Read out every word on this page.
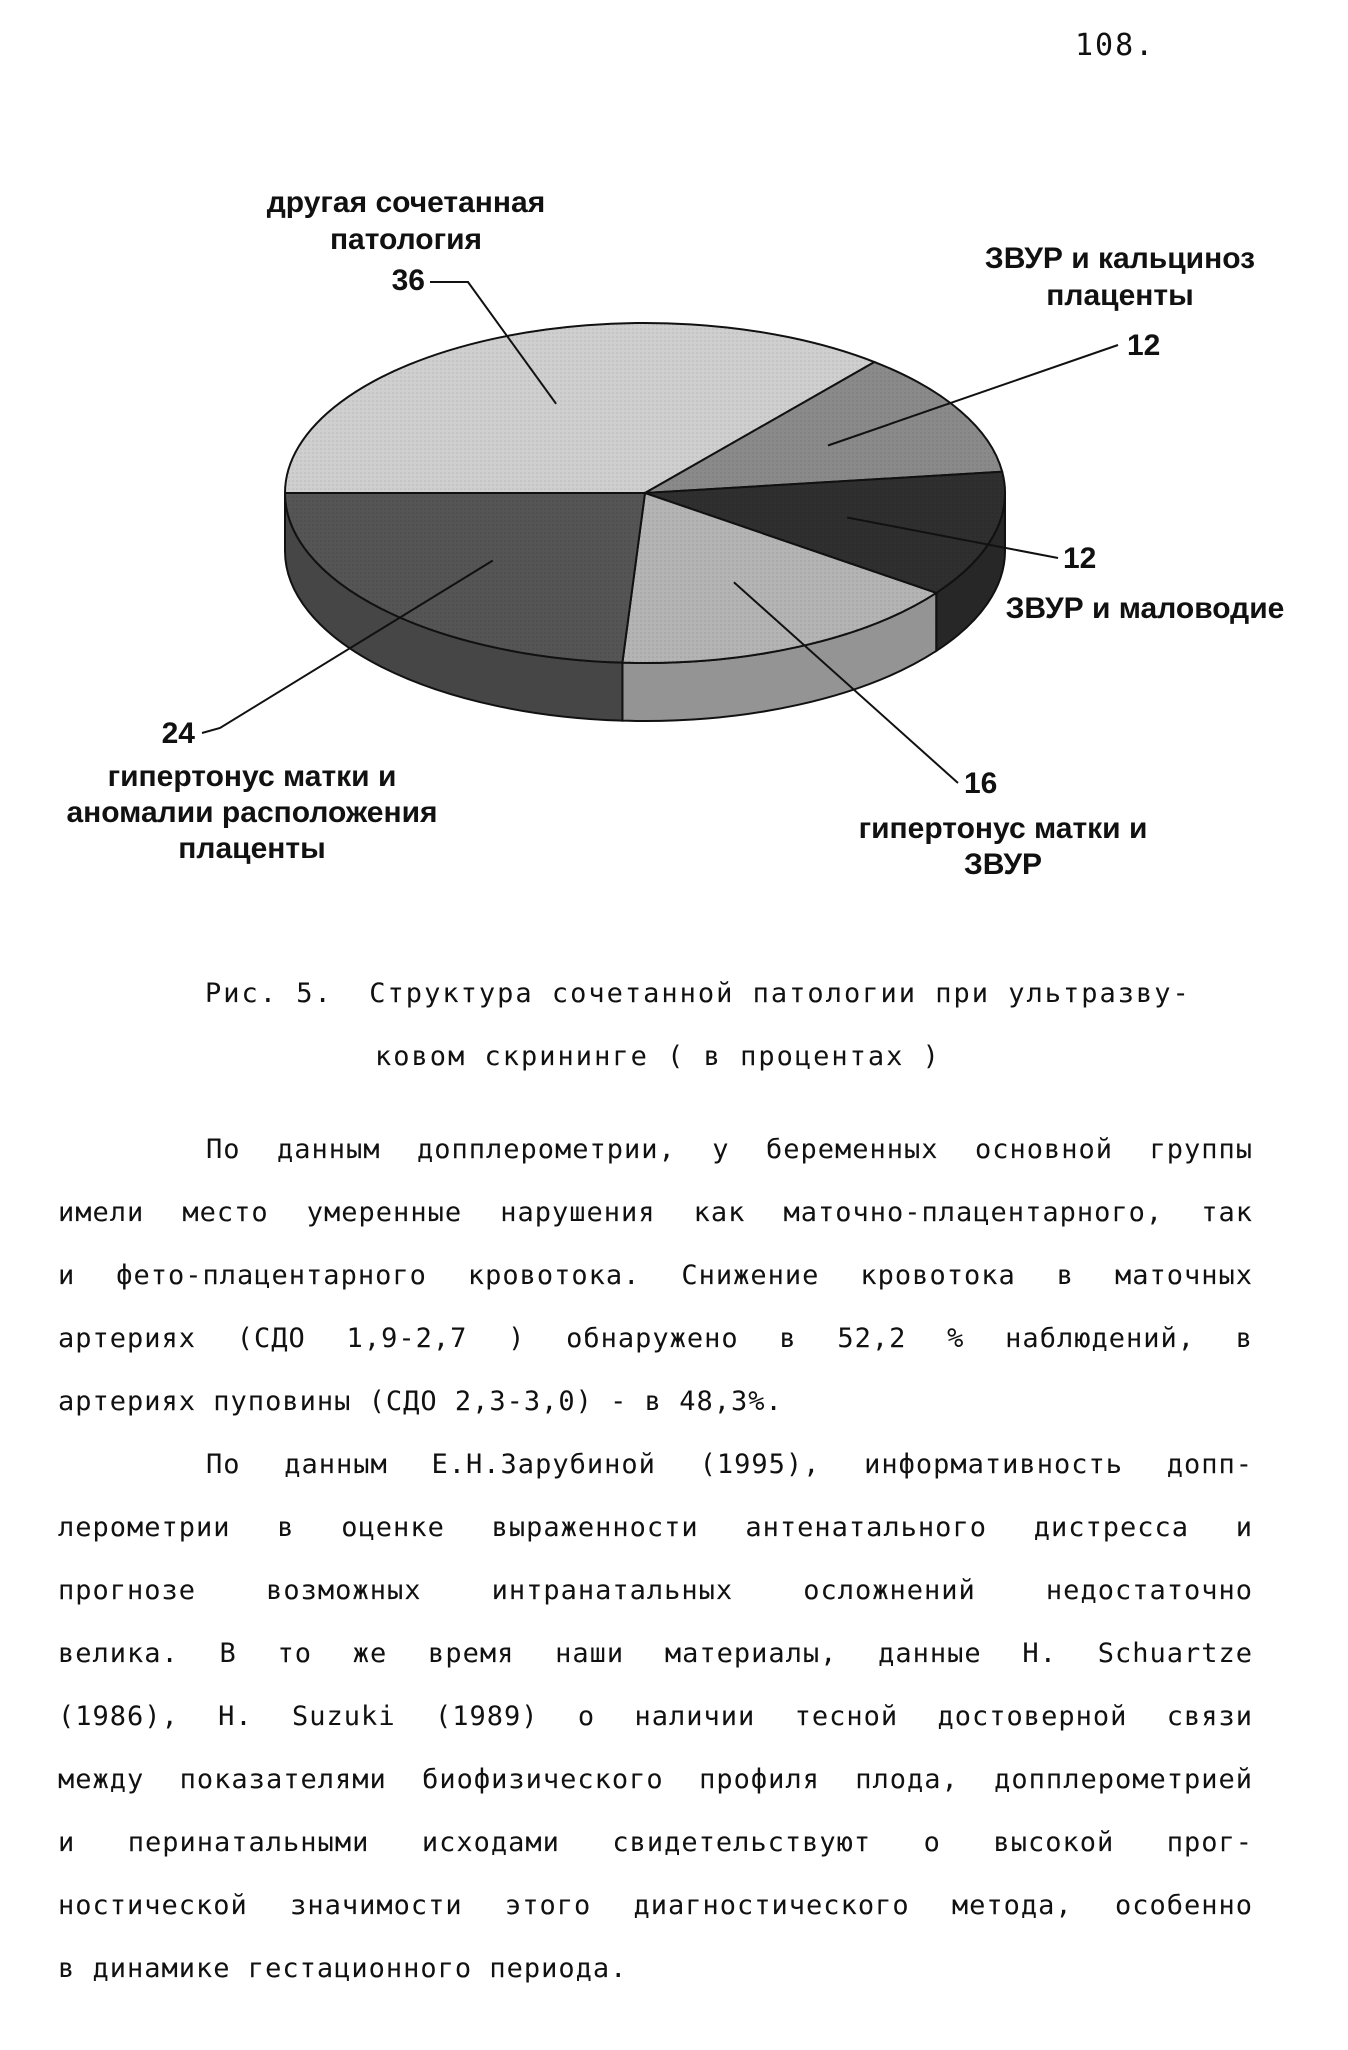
108.
36
другая сочетанная
патология
12
ЗВУР и кальциноз
плаценты
12
ЗВУР и маловодие
16
гипертонус матки и
ЗВУР
24
гипертонус матки и
аномалии расположения
плаценты
Рис. 5.  Структура сочетанной патологии при ультразву-
ковом скрининге ( в процентах )
По данным допплерометрии, у беременных основной группы
имели место умеренные нарушения как маточно-плацентарного, так
и фето-плацентарного кровотока. Снижение кровотока в маточных
артериях (СДО 1,9-2,7 ) обнаружено в 52,2 % наблюдений, в
артериях пуповины (СДО 2,3-3,0) - в 48,3%.
По данным Е.Н.Зарубиной (1995), информативность допп-
лерометрии в оценке выраженности антенатального дистресса и
прогнозе возможных интранатальных осложнений недостаточно
велика. В то же время наши материалы, данные H. Schuartze
(1986), H. Suzuki (1989) о наличии тесной достоверной связи
между показателями биофизического профиля плода, допплерометрией
и перинатальными исходами свидетельствуют о высокой прог-
ностической значимости этого диагностического метода, особенно
в динамике гестационного периода.
